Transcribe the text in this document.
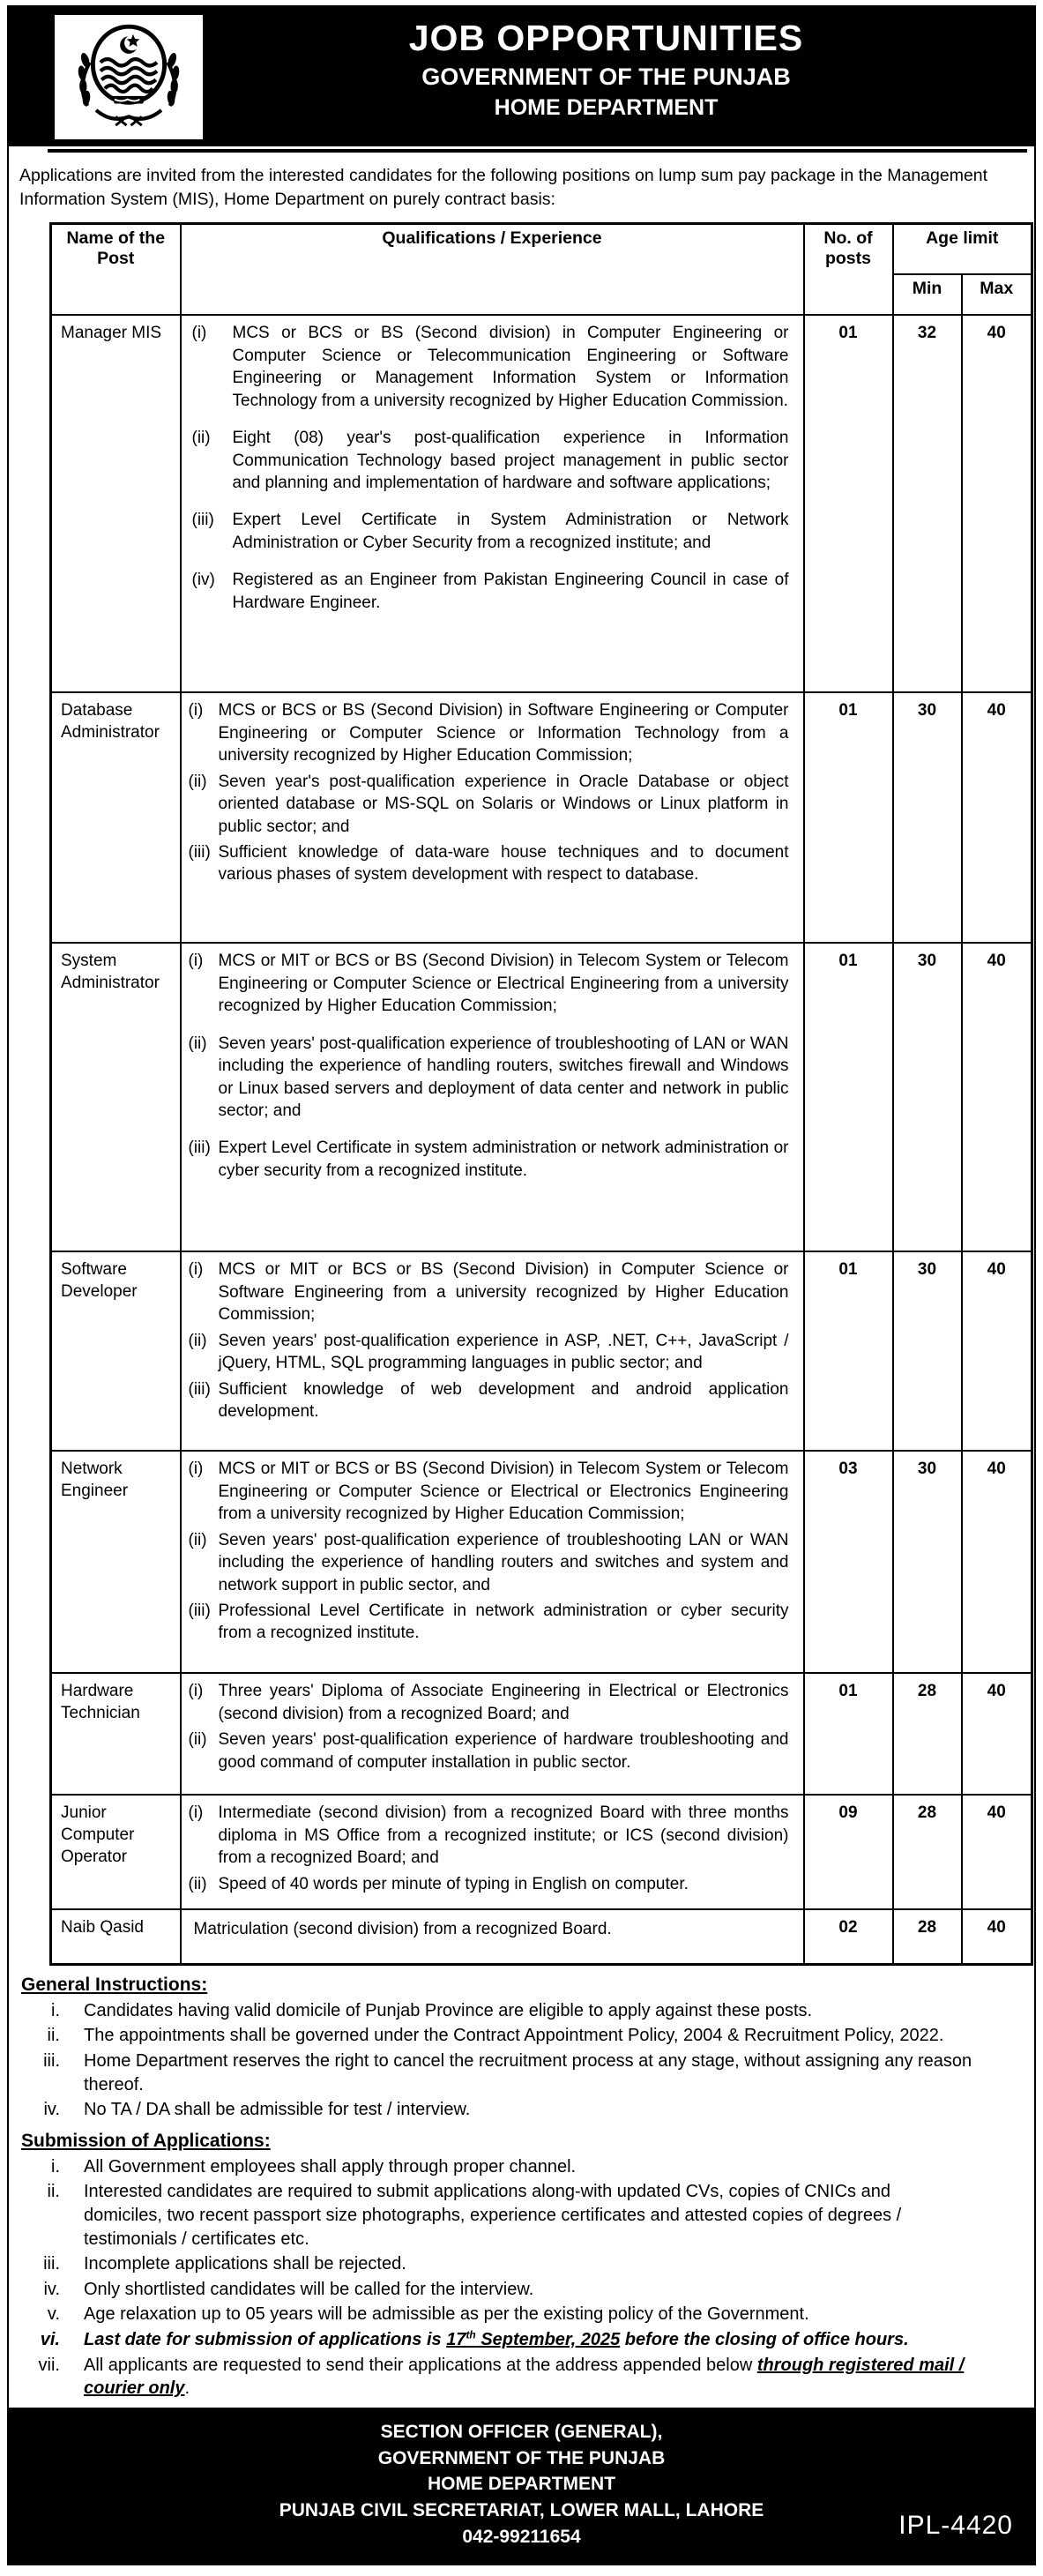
JOB OPPORTUNITIES
GOVERNMENT OF THE PUNJAB
HOME DEPARTMENT

Applications are invited from the interested candidates for the following positions on lump sum pay package in the Management Information System (MIS), Home Department on purely contract basis:

Name of the Post	Qualifications / Experience	No. of posts	Age limit	
			Min	Max
Manager MIS	(i)	MCS or BCS or BS (Second division) in Computer Engineering or Computer Science or Telecommunication Engineering or Software Engineering or Management Information System or Information Technology from a university recognized by Higher Education Commission.
(ii)	Eight (08) year's post-qualification experience in Information Communication Technology based project management in public sector and planning and implementation of hardware and software applications;
(iii)	Expert Level Certificate in System Administration or Network Administration or Cyber Security from a recognized institute; and
(iv)	Registered as an Engineer from Pakistan Engineering Council in case of Hardware Engineer.
	01	32	40
Database Administrator	
(i) MCS or BCS or BS (Second Division) in Software Engineering or Computer Engineering or Computer Science or Information Technology from a university recognized by Higher Education Commission;
(ii) Seven year's post-qualification experience in Oracle Database or object oriented database or MS-SQL on Solaris or Windows or Linux platform in public sector; and
(iii) Sufficient knowledge of data-ware house techniques and to document various phases of system development with respect to database.
	01	30	40
System Administrator	
(i) MCS or MIT or BCS or BS (Second Division) in Telecom System or Telecom Engineering or Computer Science or Electrical Engineering from a university recognized by Higher Education Commission;
(ii) Seven years' post-qualification experience of troubleshooting of LAN or WAN including the experience of handling routers, switches firewall and Windows or Linux based servers and deployment of data center and network in public sector; and
(iii) Expert Level Certificate in system administration or network administration or cyber security from a recognized institute.
	01	30	40
Software Developer	
(i) MCS or MIT or BCS or BS (Second Division) in Computer Science or Software Engineering from a university recognized by Higher Education Commission;
(ii) Seven years' post-qualification experience in ASP, .NET, C++, JavaScript / jQuery, HTML, SQL programming languages in public sector; and
(iii) Sufficient knowledge of web development and android application development.
	01	30	40
Network Engineer	
(i) MCS or MIT or BCS or BS (Second Division) in Telecom System or Telecom Engineering or Computer Science or Electrical or Electronics Engineering from a university recognized by Higher Education Commission;
(ii) Seven years' post-qualification experience of troubleshooting LAN or WAN including the experience of handling routers and switches and system and network support in public sector, and
(iii) Professional Level Certificate in network administration or cyber security from a recognized institute.
	03	30	40
Hardware Technician	(i) Three years' Diploma of Associate Engineering in Electrical or Electronics (second division) from a recognized Board; and
(ii) Seven years' post-qualification experience of hardware troubleshooting and good command of computer installation in public sector.	01	28	40
Junior Computer Operator	(i) Intermediate (second division) from a recognized Board with three months diploma in MS Office from a recognized institute; or ICS (second division) from a recognized Board; and
(ii) Speed of 40 words per minute of typing in English on computer.	09	28	40
Naib Qasid	Matriculation (second division) from a recognized Board.	02	28	40
General Instructions:
i. Candidates having valid domicile of Punjab Province are eligible to apply against these posts.
ii. The appointments shall be governed under the Contract Appointment Policy, 2004 & Recruitment Policy, 2022.
iii. Home Department reserves the right to cancel the recruitment process at any stage, without assigning any reason thereof.
iv. No TA / DA shall be admissible for test / interview.
Submission of Applications:
i. All Government employees shall apply through proper channel.
ii. Interested candidates are required to submit applications along-with updated CVs, copies of CNICs and domiciles, two recent passport size photographs, experience certificates and attested copies of degrees / testimonials / certificates etc.
iii. Incomplete applications shall be rejected.
iv. Only shortlisted candidates will be called for the interview.
v. Age relaxation up to 05 years will be admissible as per the existing policy of the Government.
vi. Last date for submission of applications is 17th September, 2025 before the closing of office hours.
vii. All applicants are requested to send their applications at the address appended below through registered mail / courier only.
SECTION OFFICER (GENERAL),
GOVERNMENT OF THE PUNJAB
HOME DEPARTMENT
PUNJAB CIVIL SECRETARIAT, LOWER MALL, LAHORE
042-99211654	IPL-4420
